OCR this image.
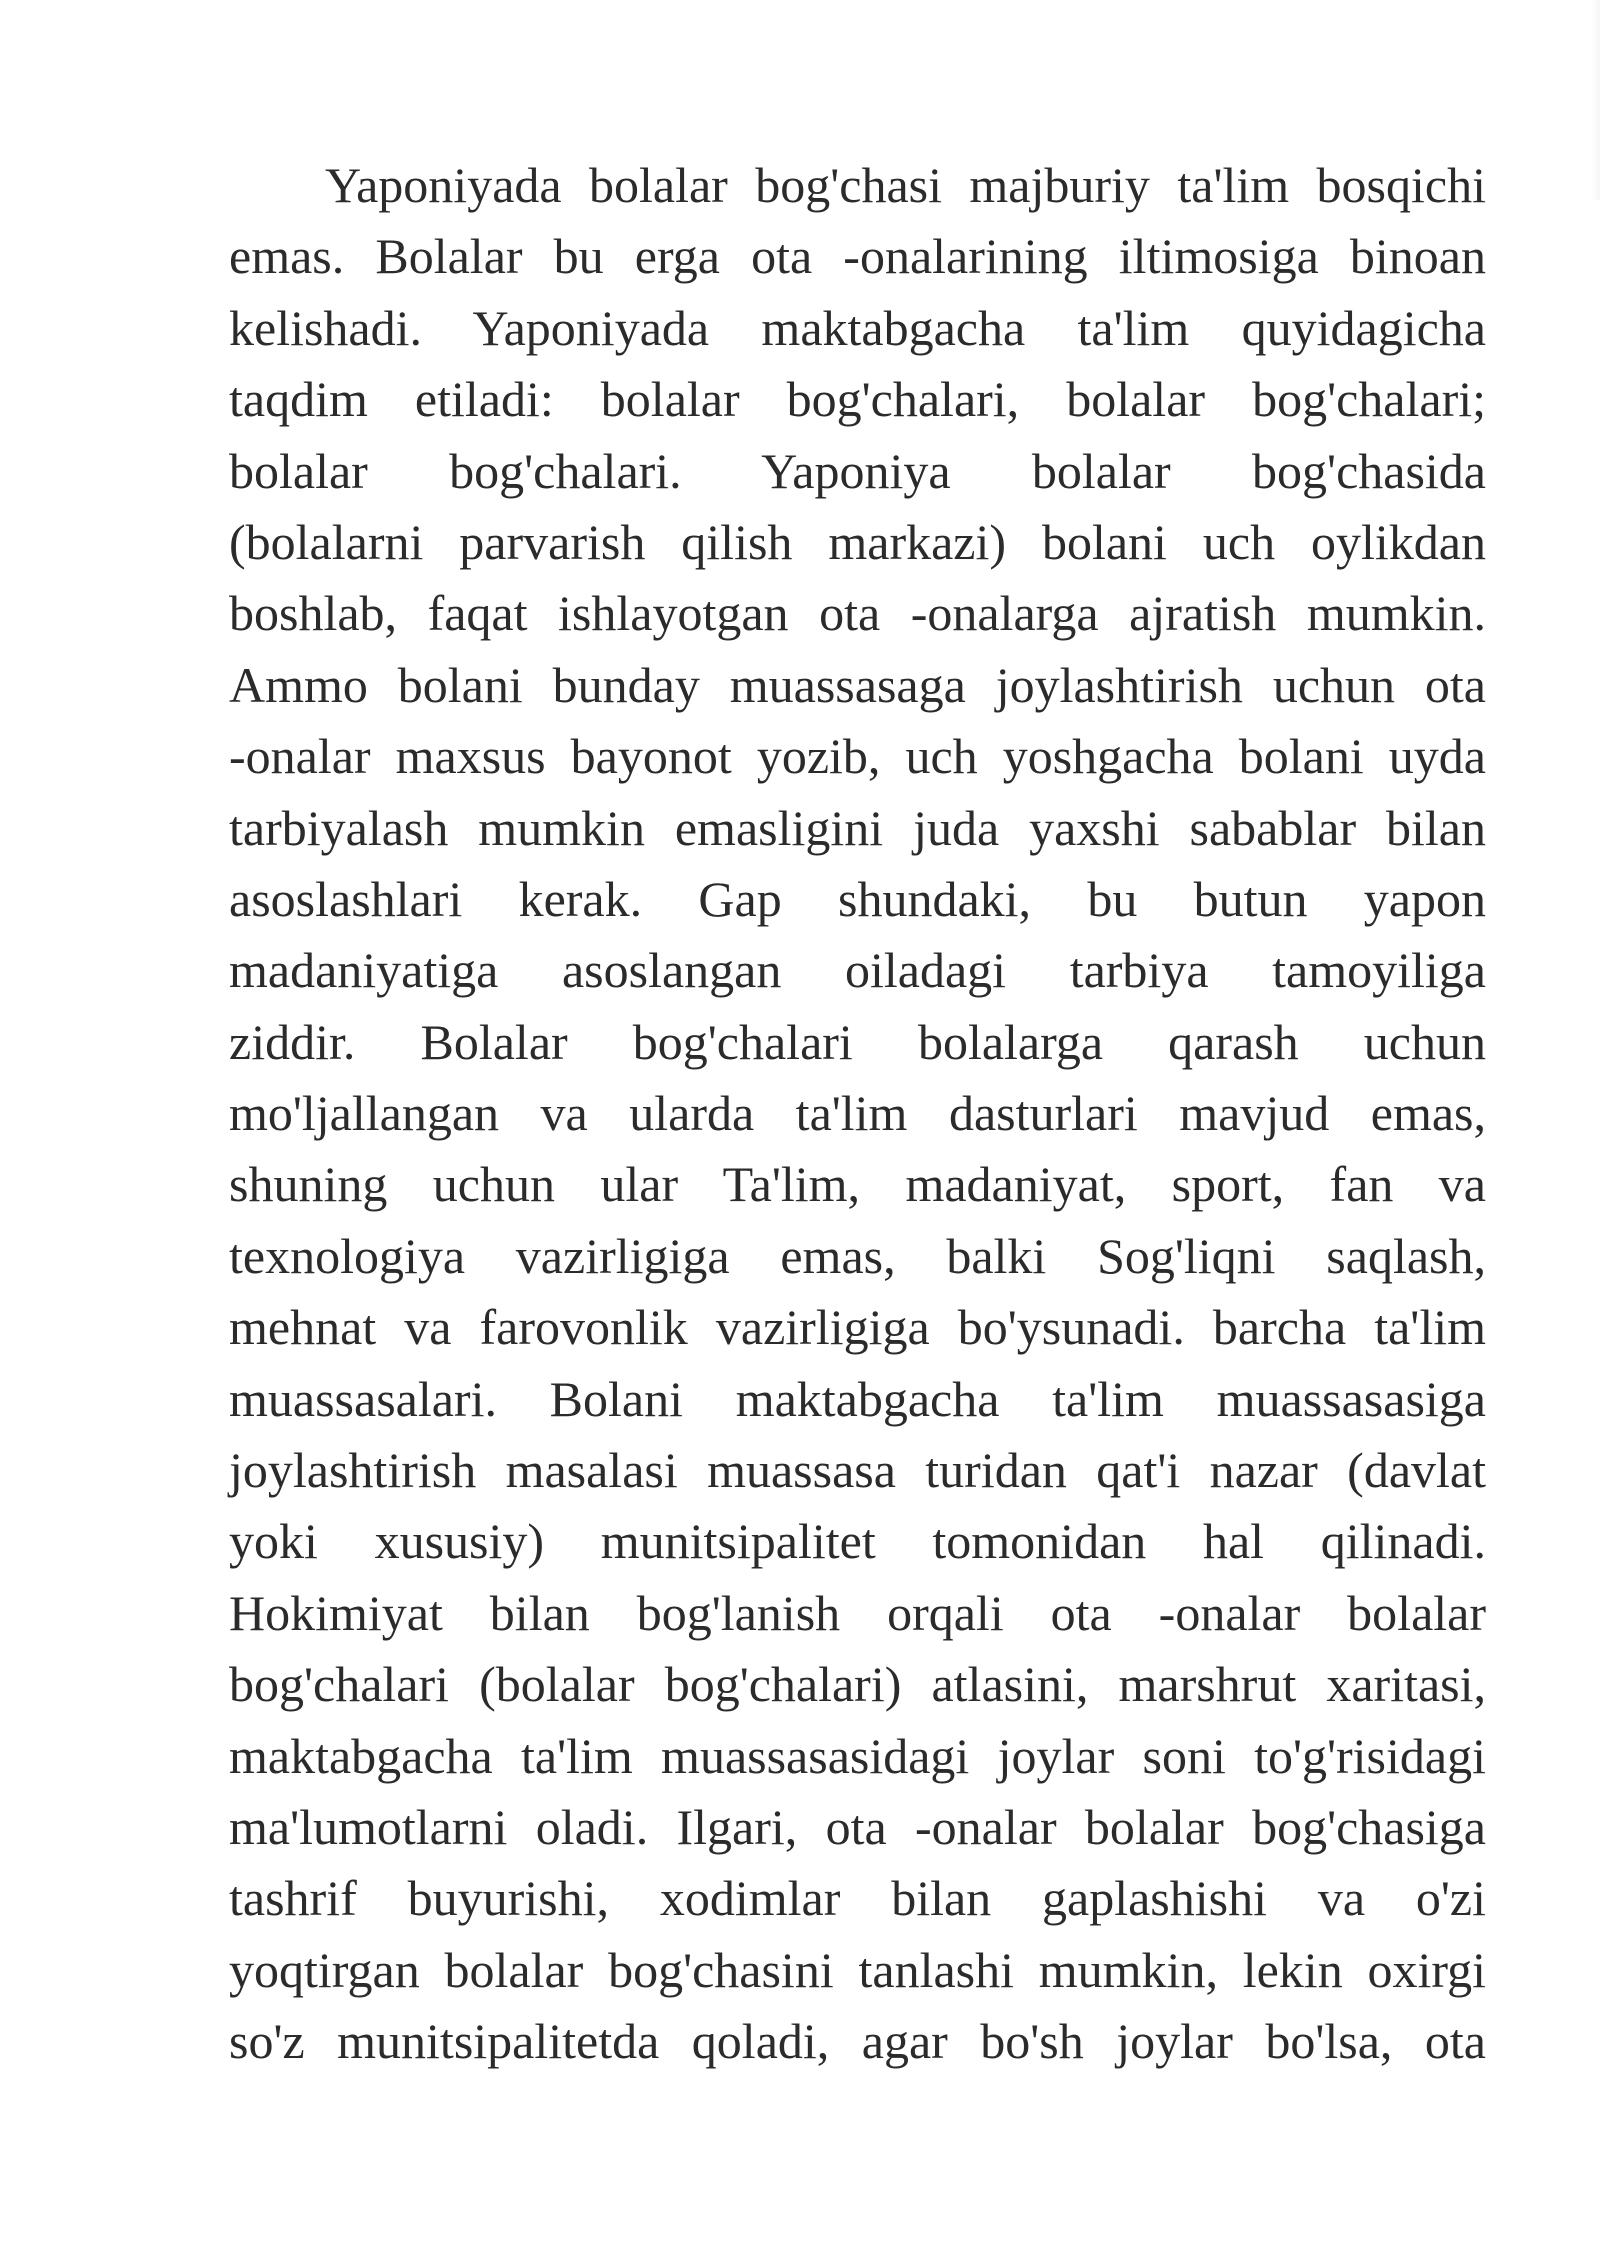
Yaponiyada bolalar bog'chasi majburiy ta'lim bosqichi
emas. Bolalar bu erga ota -onalarining iltimosiga binoan
kelishadi. Yaponiyada maktabgacha ta'lim quyidagicha
taqdim etiladi: bolalar bog'chalari, bolalar bog'chalari;
bolalar bog'chalari. Yaponiya bolalar bog'chasida
(bolalarni parvarish qilish markazi) bolani uch oylikdan
boshlab, faqat ishlayotgan ota -onalarga ajratish mumkin.
Ammo bolani bunday muassasaga joylashtirish uchun ota
-onalar maxsus bayonot yozib, uch yoshgacha bolani uyda
tarbiyalash mumkin emasligini juda yaxshi sabablar bilan
asoslashlari kerak. Gap shundaki, bu butun yapon
madaniyatiga asoslangan oiladagi tarbiya tamoyiliga
ziddir. Bolalar bog'chalari bolalarga qarash uchun
mo'ljallangan va ularda ta'lim dasturlari mavjud emas,
shuning uchun ular Ta'lim, madaniyat, sport, fan va
texnologiya vazirligiga emas, balki Sog'liqni saqlash,
mehnat va farovonlik vazirligiga bo'ysunadi. barcha ta'lim
muassasalari. Bolani maktabgacha ta'lim muassasasiga
joylashtirish masalasi muassasa turidan qat'i nazar (davlat
yoki xususiy) munitsipalitet tomonidan hal qilinadi.
Hokimiyat bilan bog'lanish orqali ota -onalar bolalar
bog'chalari (bolalar bog'chalari) atlasini, marshrut xaritasi,
maktabgacha ta'lim muassasasidagi joylar soni to'g'risidagi
ma'lumotlarni oladi. Ilgari, ota -onalar bolalar bog'chasiga
tashrif buyurishi, xodimlar bilan gaplashishi va o'zi
yoqtirgan bolalar bog'chasini tanlashi mumkin, lekin oxirgi
so'z munitsipalitetda qoladi, agar bo'sh joylar bo'lsa, ota
